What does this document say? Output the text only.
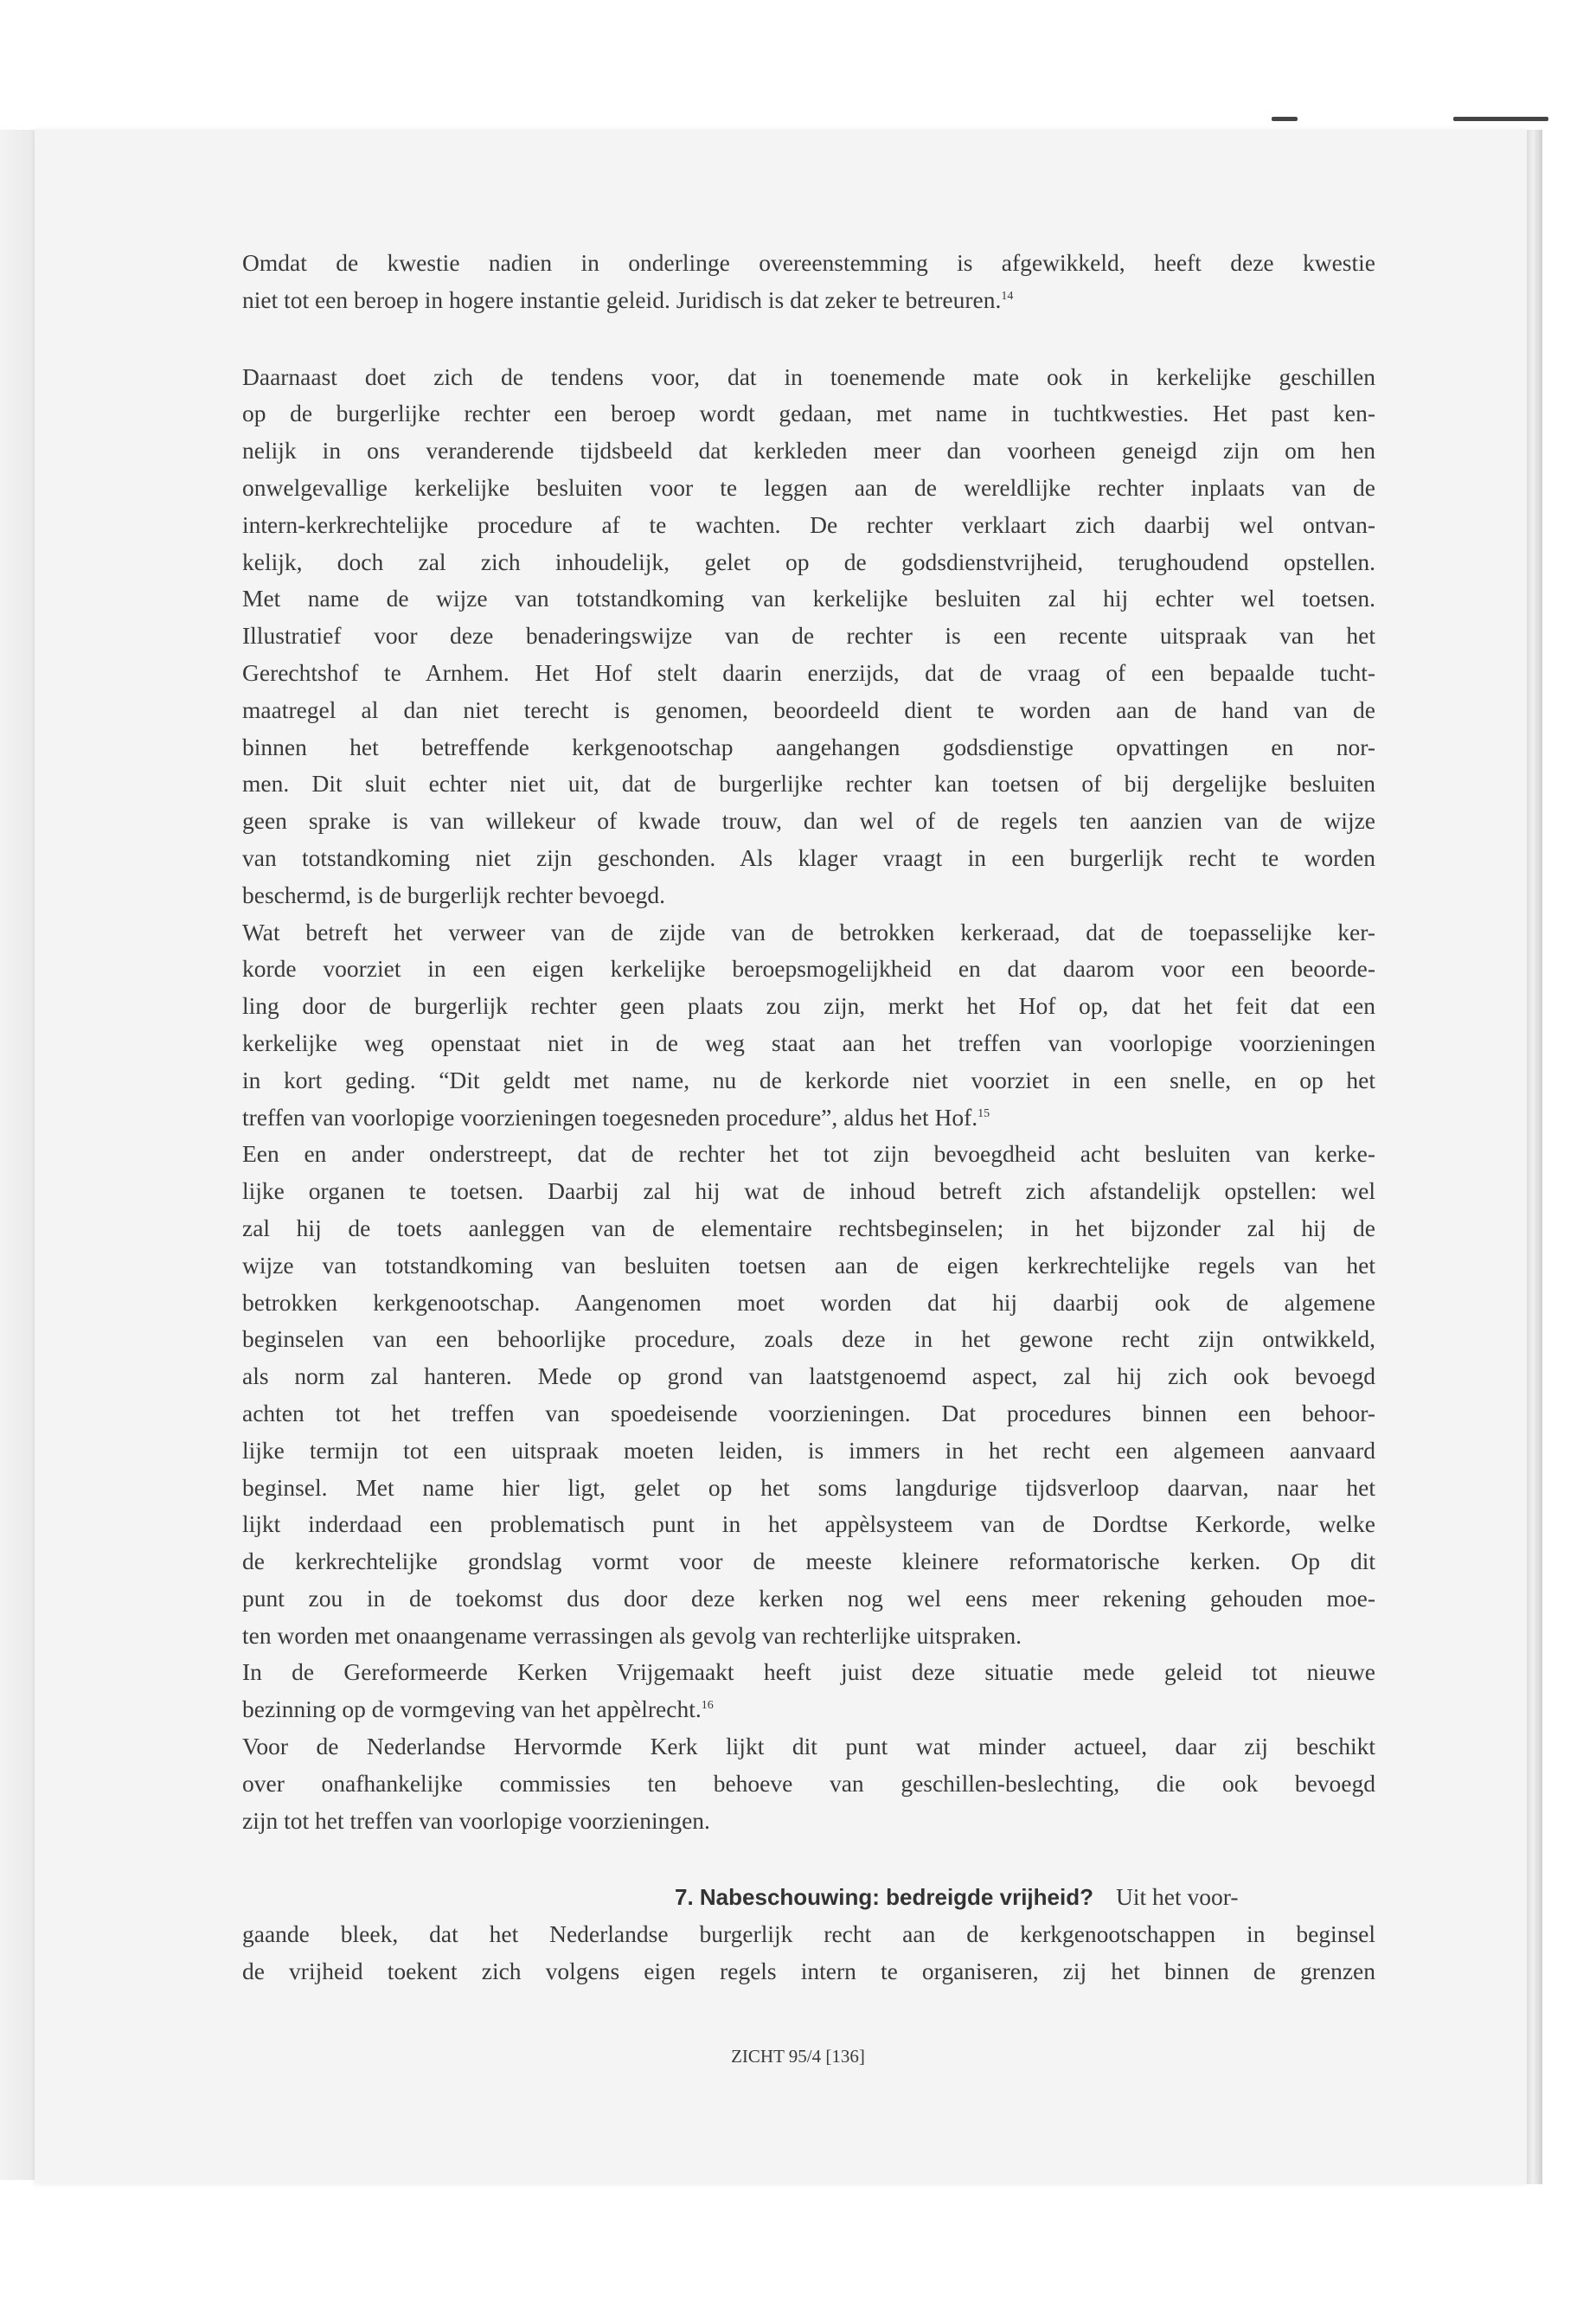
Omdat de kwestie nadien in onderlinge overeenstemming is afgewikkeld, heeft deze kwestie
niet tot een beroep in hogere instantie geleid. Juridisch is dat zeker te betreuren.$^{14}$
Daarnaast doet zich de tendens voor, dat in toenemende mate ook in kerkelijke geschillen
op de burgerlijke rechter een beroep wordt gedaan, met name in tuchtkwesties. Het past ken-
nelijk in ons veranderende tijdsbeeld dat kerkleden meer dan voorheen geneigd zijn om hen
onwelgevallige kerkelijke besluiten voor te leggen aan de wereldlijke rechter inplaats van de
intern-kerkrechtelijke procedure af te wachten. De rechter verklaart zich daarbij wel ontvan-
kelijk, doch zal zich inhoudelijk, gelet op de godsdienstvrijheid, terughoudend opstellen.
Met name de wijze van totstandkoming van kerkelijke besluiten zal hij echter wel toetsen.
Illustratief voor deze benaderingswijze van de rechter is een recente uitspraak van het
Gerechtshof te Arnhem. Het Hof stelt daarin enerzijds, dat de vraag of een bepaalde tucht-
maatregel al dan niet terecht is genomen, beoordeeld dient te worden aan de hand van de
binnen het betreffende kerkgenootschap aangehangen godsdienstige opvattingen en nor-
men. Dit sluit echter niet uit, dat de burgerlijke rechter kan toetsen of bij dergelijke besluiten
geen sprake is van willekeur of kwade trouw, dan wel of de regels ten aanzien van de wijze
van totstandkoming niet zijn geschonden. Als klager vraagt in een burgerlijk recht te worden
beschermd, is de burgerlijk rechter bevoegd.
Wat betreft het verweer van de zijde van de betrokken kerkeraad, dat de toepasselijke ker-
korde voorziet in een eigen kerkelijke beroepsmogelijkheid en dat daarom voor een beoorde-
ling door de burgerlijk rechter geen plaats zou zijn, merkt het Hof op, dat het feit dat een
kerkelijke weg openstaat niet in de weg staat aan het treffen van voorlopige voorzieningen
in kort geding. “Dit geldt met name, nu de kerkorde niet voorziet in een snelle, en op het
treffen van voorlopige voorzieningen toegesneden procedure”, aldus het Hof.$^{15}$
Een en ander onderstreept, dat de rechter het tot zijn bevoegdheid acht besluiten van kerke-
lijke organen te toetsen. Daarbij zal hij wat de inhoud betreft zich afstandelijk opstellen: wel
zal hij de toets aanleggen van de elementaire rechtsbeginselen; in het bijzonder zal hij de
wijze van totstandkoming van besluiten toetsen aan de eigen kerkrechtelijke regels van het
betrokken kerkgenootschap. Aangenomen moet worden dat hij daarbij ook de algemene
beginselen van een behoorlijke procedure, zoals deze in het gewone recht zijn ontwikkeld,
als norm zal hanteren. Mede op grond van laatstgenoemd aspect, zal hij zich ook bevoegd
achten tot het treffen van spoedeisende voorzieningen. Dat procedures binnen een behoor-
lijke termijn tot een uitspraak moeten leiden, is immers in het recht een algemeen aanvaard
beginsel. Met name hier ligt, gelet op het soms langdurige tijdsverloop daarvan, naar het
lijkt inderdaad een problematisch punt in het appèlsysteem van de Dordtse Kerkorde, welke
de kerkrechtelijke grondslag vormt voor de meeste kleinere reformatorische kerken. Op dit
punt zou in de toekomst dus door deze kerken nog wel eens meer rekening gehouden moe-
ten worden met onaangename verrassingen als gevolg van rechterlijke uitspraken.
In de Gereformeerde Kerken Vrijgemaakt heeft juist deze situatie mede geleid tot nieuwe
bezinning op de vormgeving van het appèlrecht.$^{16}$
Voor de Nederlandse Hervormde Kerk lijkt dit punt wat minder actueel, daar zij beschikt
over onafhankelijke commissies ten behoeve van geschillen-beslechting, die ook bevoegd
zijn tot het treffen van voorlopige voorzieningen.
7. Nabeschouwing: bedreigde vrijheid? Uit het voor-
gaande bleek, dat het Nederlandse burgerlijk recht aan de kerkgenootschappen in beginsel
de vrijheid toekent zich volgens eigen regels intern te organiseren, zij het binnen de grenzen
ZICHT 95/4 [136]
